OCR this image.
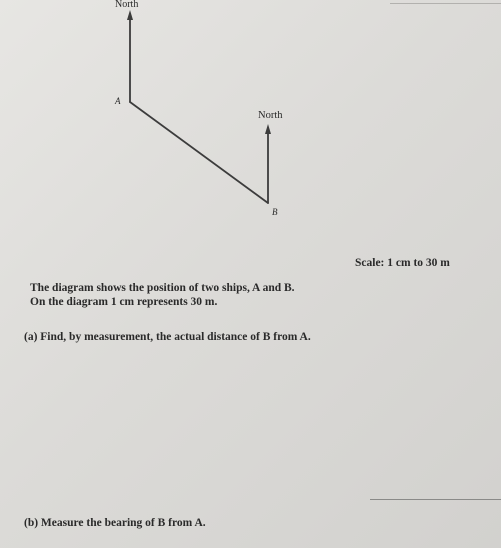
North
A
North
B
Scale: 1 cm to 30 m
The diagram shows the position of two ships, A and B.
On the diagram 1 cm represents 30 m.
(a) Find, by measurement, the actual distance of B from A.
(b) Measure the bearing of B from A.
